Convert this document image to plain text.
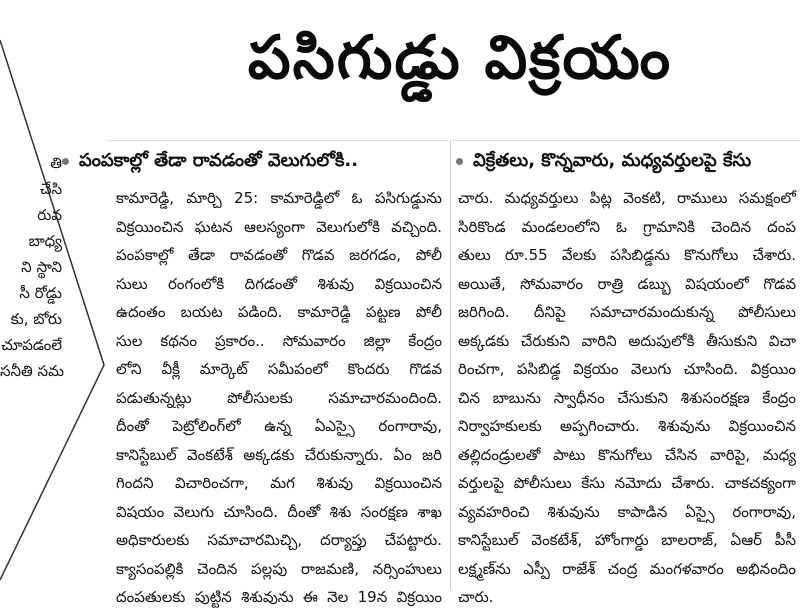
పసిగుడ్డు విక్రయం
తి
చేసి
రువ
బాధ్య
ని స్థాని
సీ రోడ్డు
కు, బోరు
చూపడంలే
సనీతి సమ
పంపకాల్లో తేడా రావడంతో వెలుగులోకి..	విక్రేతలు, కొన్నవారు, మధ్యవర్తులపై కేసు
కామారెడ్డి, మార్చి 25: కామారెడ్డిలో ఓ పసిగుడ్డును
విక్రయించిన ఘటన ఆలస్యంగా వెలుగులోకి వచ్చింది.
పంపకాల్లో తేడా రావడంతో గొడవ జరగడం, పోలీ
సులు రంగంలోకి దిగడంతో శిశువు విక్రయించిన
ఉదంతం బయట పడింది. కామారెడ్డి పట్టణ పోలీ
సుల కథనం ప్రకారం.. సోమవారం జిల్లా కేంద్రం
లోని వీక్లీ మార్కెట్ సమీపంలో కొందరు గొడవ
పడుతున్నట్లు పోలీసులకు సమాచారమందింది.
దీంతో పెట్రోలింగ్‌లో ఉన్న ఏఎస్సై రంగారావు,
కానిస్టేబుల్ వెంకటేశ్ అక్కడకు చేరుకున్నారు. ఏం జరి
గిందని విచారించగా, మగ శిశువు విక్రయించిన
విషయం వెలుగు చూసింది. దీంతో శిశు సంరక్షణ శాఖ
అధికారులకు సమాచారమిచ్చి, దర్యాప్తు చేపట్టారు.
క్యాసంపల్లికి చెందిన పల్లపు రాజమణి, నర్సింహులు
దంపతులకు పుట్టిన శిశువును ఈ నెల 19న విక్రయిం
చారు. మధ్యవర్తులు పిట్ల వెంకటి, రాములు సమక్షంలో
సిరికొండ మండలంలోని ఓ గ్రామానికి చెందిన దంప
తులు రూ.55 వేలకు పసిబిడ్డను కొనుగోలు చేశారు.
అయితే, సోమవారం రాత్రి డబ్బు విషయంలో గొడవ
జరిగింది. దీనిపై సమాచారమందుకున్న పోలీసులు
అక్కడకు చేరుకుని వారిని అదుపులోకి తీసుకుని విచా
రించగా, పసిబిడ్డ విక్రయం వెలుగు చూసింది. విక్రయిం
చిన బాబును స్వాధీనం చేసుకుని శిశుసంరక్షణ కేంద్రం
నిర్వాహకులకు అప్పగించారు. శిశువును విక్రయించిన
తల్లిదండ్రులతో పాటు కొనుగోలు చేసిన వారిపై, మధ్య
వర్తులపై పోలీసులు కేసు నమోదు చేశారు. చాకచక్యంగా
వ్యవహరించి శిశువును కాపాడిన ఏస్సై రంగారావు,
కానిస్టేబుల్ వెంకటేశ్, హోంగార్డు బాలరాజ్, ఏఆర్ పీసీ
లక్ష్మణ్‌ను ఎస్పీ రాజేశ్ చంద్ర మంగళవారం అభినందిం
చారు.
